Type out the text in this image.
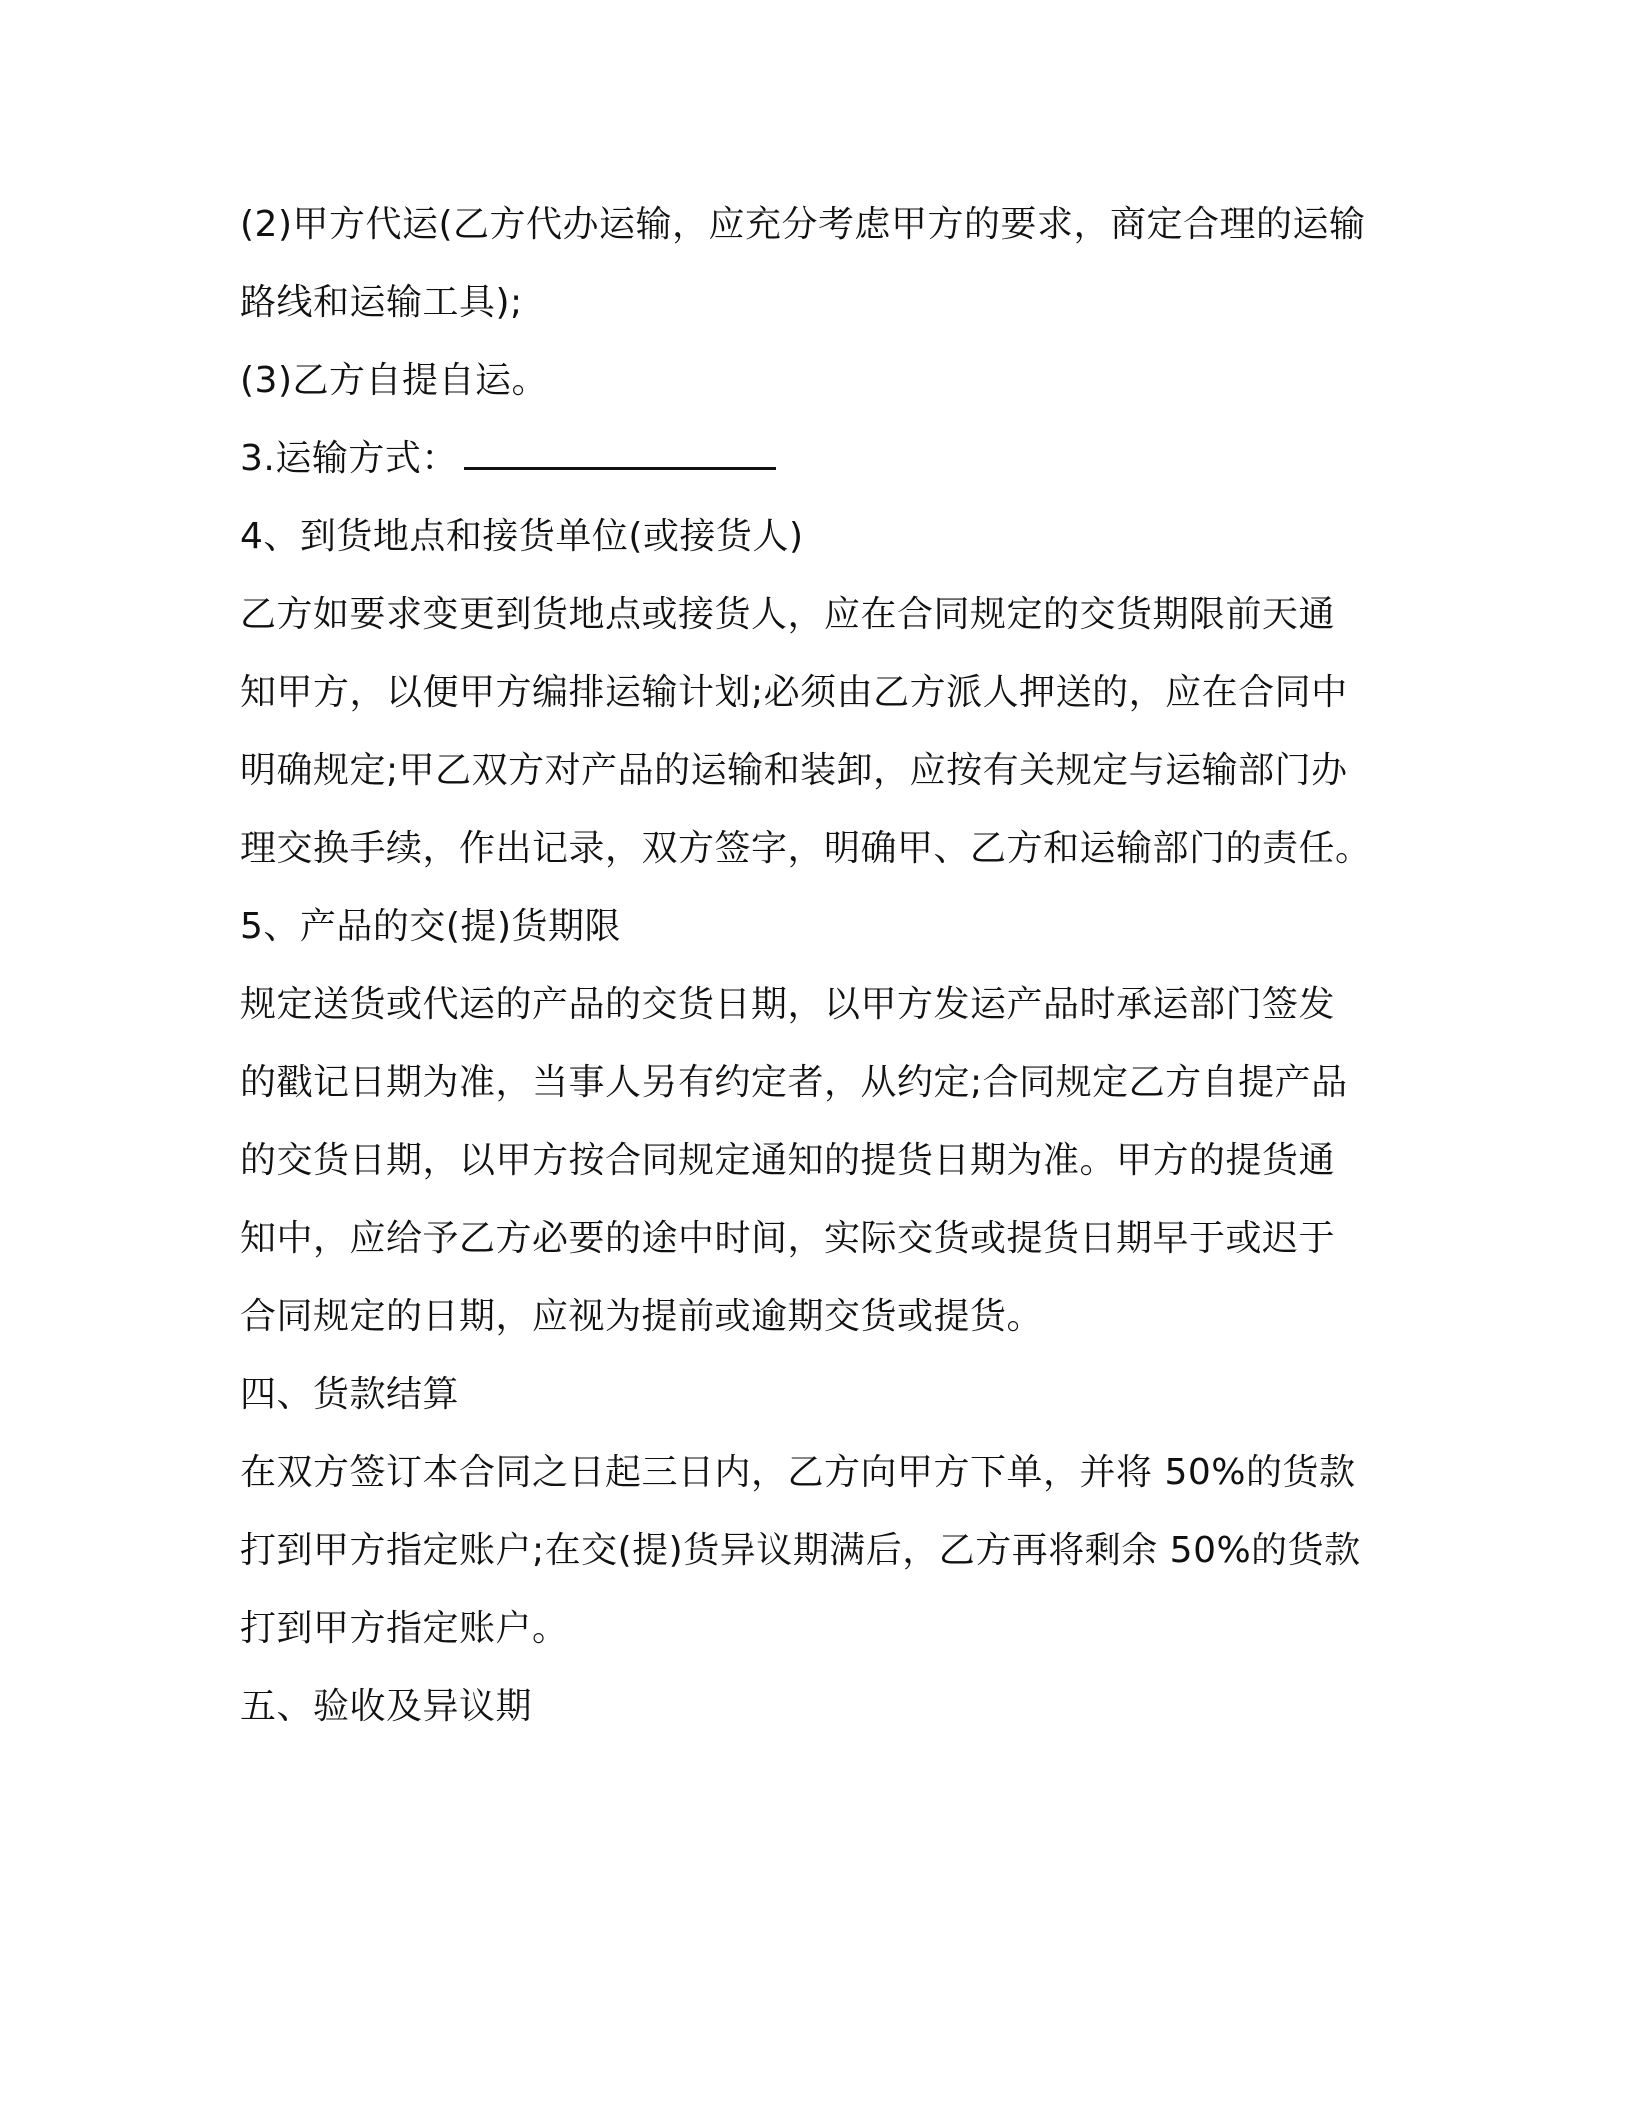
(2)甲方代运(乙方代办运输，应充分考虑甲方的要求，商定合理的运输
路线和运输工具);
(3)乙方自提自运。
3.运输方式：
4、到货地点和接货单位(或接货人)
乙方如要求变更到货地点或接货人，应在合同规定的交货期限前天通
知甲方，以便甲方编排运输计划;必须由乙方派人押送的，应在合同中
明确规定;甲乙双方对产品的运输和装卸，应按有关规定与运输部门办
理交换手续，作出记录，双方签字，明确甲、乙方和运输部门的责任。
5、产品的交(提)货期限
规定送货或代运的产品的交货日期，以甲方发运产品时承运部门签发
的戳记日期为准，当事人另有约定者，从约定;合同规定乙方自提产品
的交货日期，以甲方按合同规定通知的提货日期为准。甲方的提货通
知中，应给予乙方必要的途中时间，实际交货或提货日期早于或迟于
合同规定的日期，应视为提前或逾期交货或提货。
四、货款结算
在双方签订本合同之日起三日内，乙方向甲方下单，并将 50%的货款
打到甲方指定账户;在交(提)货异议期满后，乙方再将剩余 50%的货款
打到甲方指定账户。
五、验收及异议期
